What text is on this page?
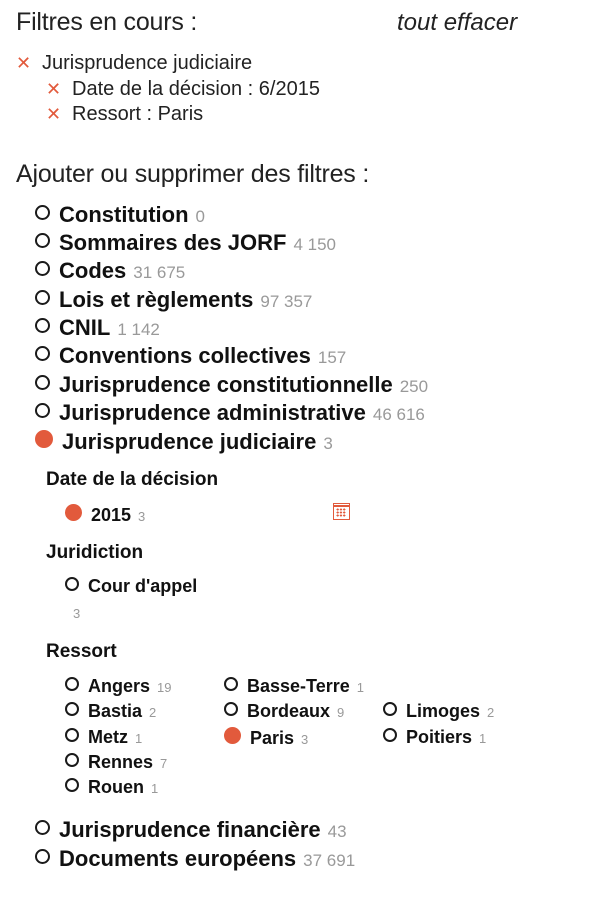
Filtres en cours :	tout effacer
✕ Jurisprudence judiciaire
✕ Date de la décision : 6/2015
✕ Ressort : Paris
Ajouter ou supprimer des filtres :
Constitution 0
Sommaires des JORF 4 150
Codes 31 675
Lois et règlements 97 357
CNIL 1 142
Conventions collectives 157
Jurisprudence constitutionnelle 250
Jurisprudence administrative 46 616
Jurisprudence judiciaire 3
Date de la décision
2015 3
Juridiction
Cour d'appel
3
Ressort
Angers 19	Basse-Terre 1
Bastia 2	Bordeaux 9	Limoges 2
Metz 1	Paris 3	Poitiers 1
Rennes 7
Rouen 1
Jurisprudence financière 43
Documents européens 37 691
